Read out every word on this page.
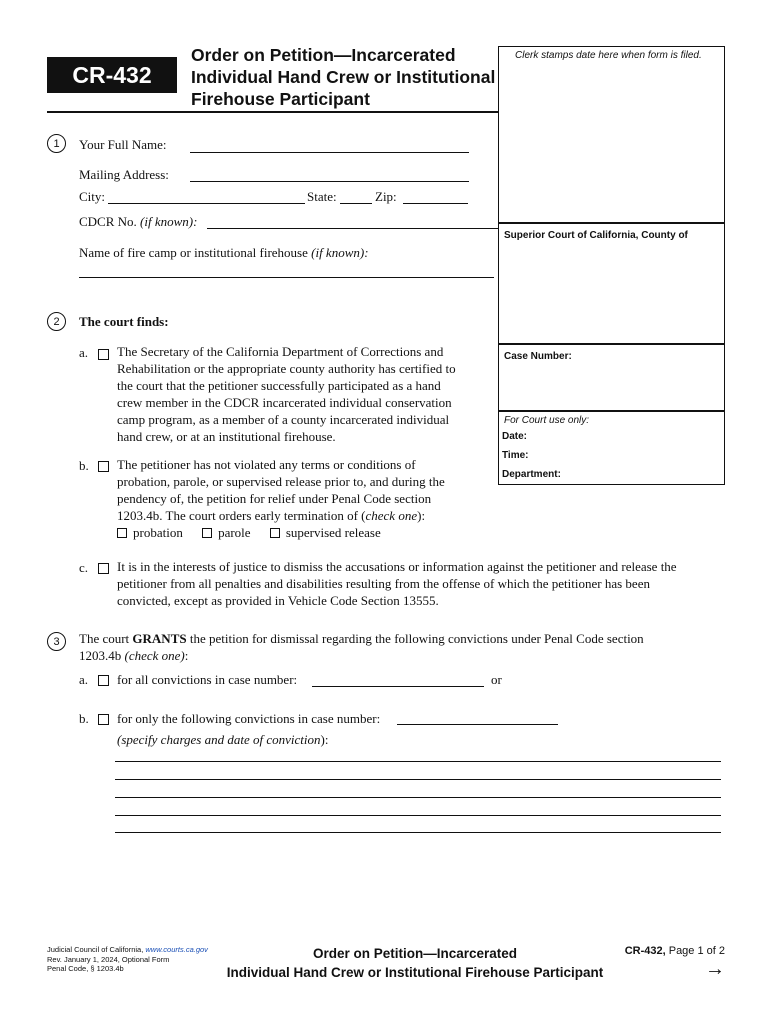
CR-432
Order on Petition—Incarcerated
Individual Hand Crew or Institutional
Firehouse Participant
Clerk stamps date here when form is filed.
Superior Court of California, County of
Case Number:
For Court use only:
Date:
Time:
Department:
1	Your Full Name:
Mailing Address:
City:	State:	Zip:
CDCR No. (if known):
Name of fire camp or institutional firehouse (if known):
2	The court finds:
a. The Secretary of the California Department of Corrections and
Rehabilitation or the appropriate county authority has certified to
the court that the petitioner successfully participated as a hand
crew member in the CDCR incarcerated individual conservation
camp program, as a member of a county incarcerated individual
hand crew, or at an institutional firehouse.
b. The petitioner has not violated any terms or conditions of
probation, parole, or supervised release prior to, and during the
pendency of, the petition for relief under Penal Code section
1203.4b. The court orders early termination of (check one):
probation	parole	supervised release
c. It is in the interests of justice to dismiss the accusations or information against the petitioner and release the
petitioner from all penalties and disabilities resulting from the offense of which the petitioner has been
convicted, except as provided in Vehicle Code Section 13555.
3	The court GRANTS the petition for dismissal regarding the following convictions under Penal Code section
1203.4b (check one):
a. for all convictions in case number:	or
b. for only the following convictions in case number:
(specify charges and date of conviction):
Judicial Council of California, www.courts.ca.gov
Rev. January 1, 2024, Optional Form
Penal Code, § 1203.4b
Order on Petition—Incarcerated
Individual Hand Crew or Institutional Firehouse Participant
CR-432, Page 1 of 2
→
